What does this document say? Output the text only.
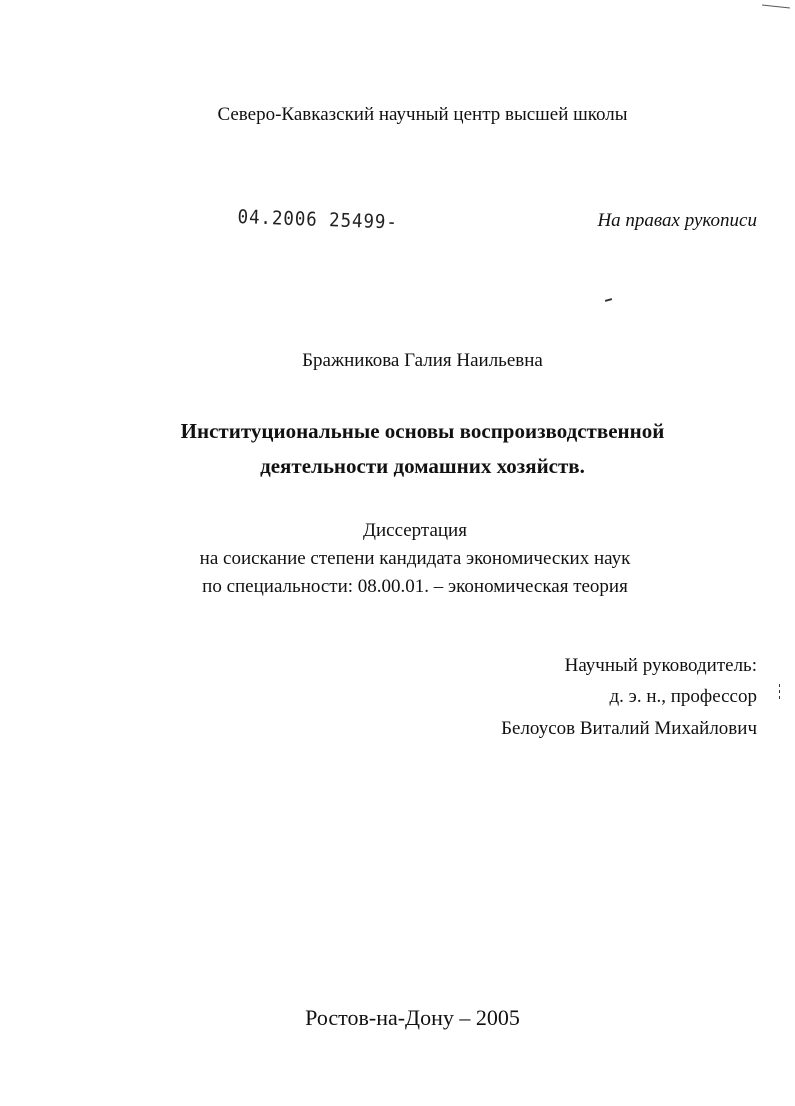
Северо-Кавказский научный центр высшей школы
04.2006 25499-	На правах рукописи
Бражникова Галия Наильевна
Институциональные основы воспроизводственной
деятельности домашних хозяйств.
Диссертация
на соискание степени кандидата экономических наук
по специальности: 08.00.01. – экономическая теория
Научный руководитель:
д. э. н., профессор
Белоусов Виталий Михайлович
Ростов-на-Дону – 2005
